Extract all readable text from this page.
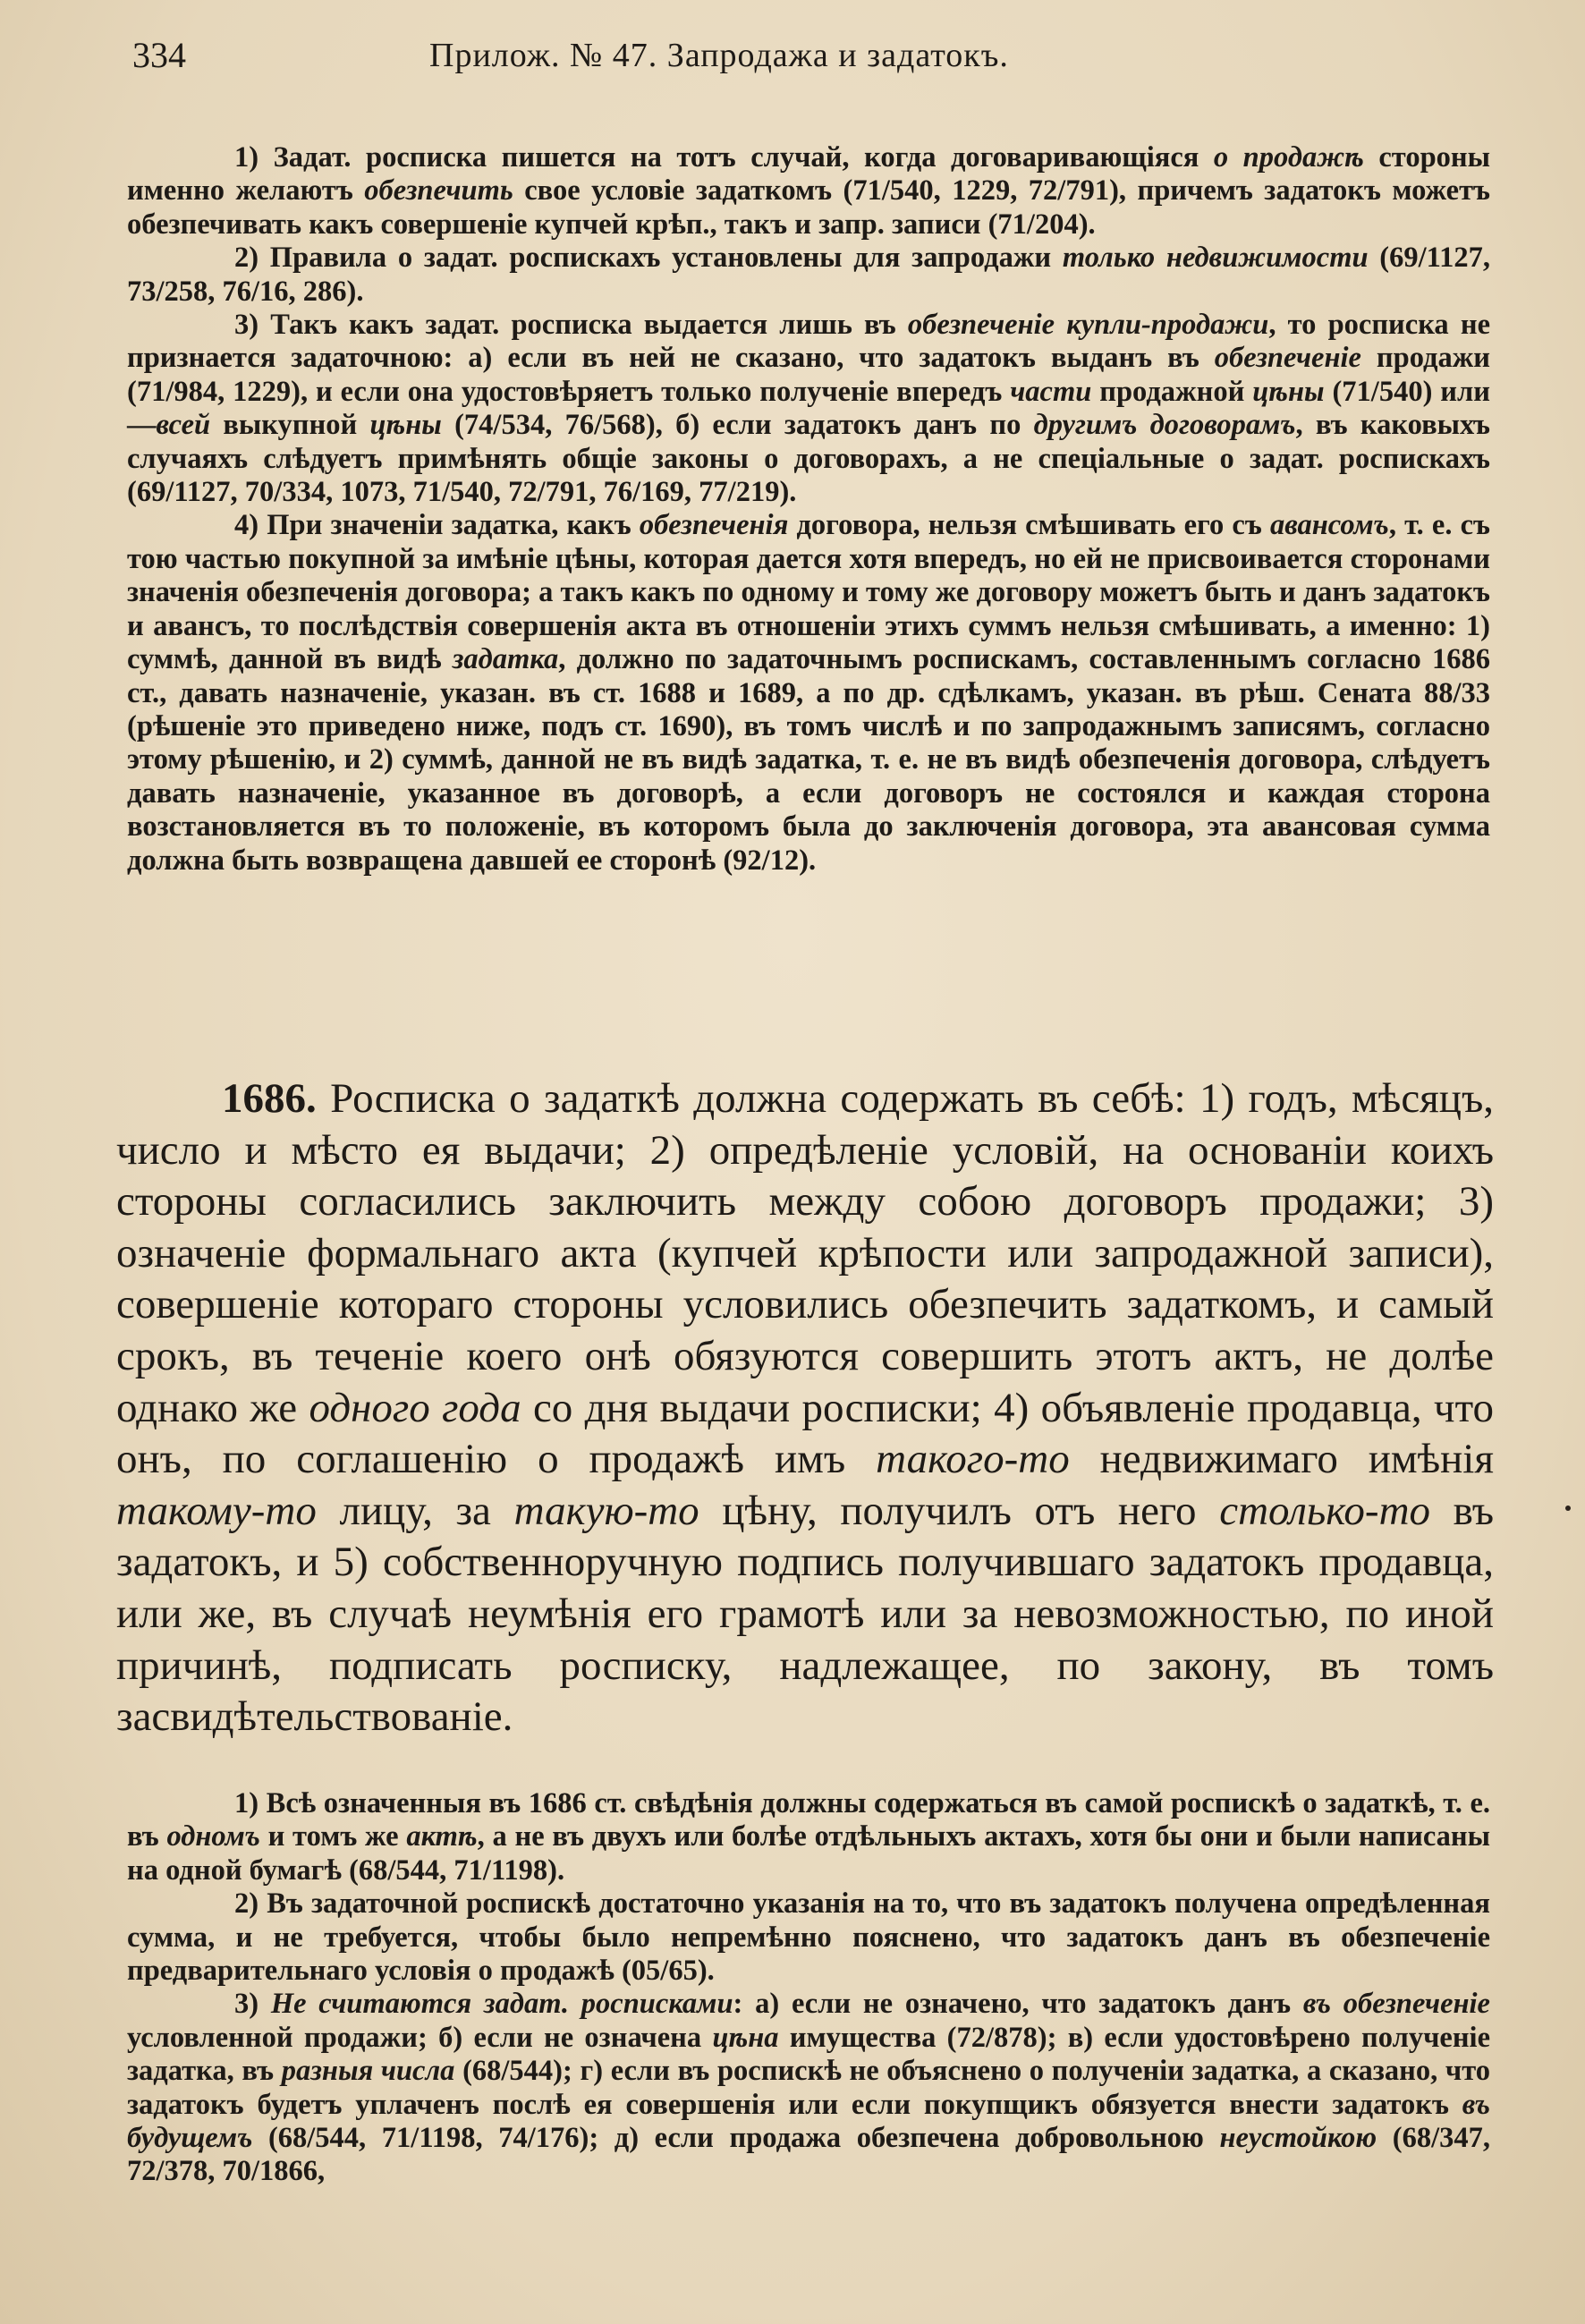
334	Прилож. № 47. Запродажа и задатокъ.

1) Задат. росписка пишется на тотъ случай, когда договаривающіяся о продажѣ стороны именно желаютъ обезпечить свое условіе задаткомъ (71/540, 1229, 72/791), причемъ задатокъ можетъ обезпечивать какъ совершеніе купчей крѣп., такъ и запр. записи (71/204).

2) Правила о задат. роспискахъ установлены для запродажи только недвижимости (69/1127, 73/258, 76/16, 286).

3) Такъ какъ задат. росписка выдается лишь въ обезпеченіе купли-продажи, то росписка не признается задаточною: а) если въ ней не сказано, что задатокъ выданъ въ обезпеченіе продажи (71/984, 1229), и если она удостовѣряетъ только полученіе впередъ части продажной цѣны (71/540) или—всей выкупной цѣны (74/534, 76/568), б) если задатокъ данъ по другимъ договорамъ, въ каковыхъ случаяхъ слѣдуетъ примѣнять общіе законы о договорахъ, а не спеціальные о задат. роспискахъ (69/1127, 70/334, 1073, 71/540, 72/791, 76/169, 77/219).

4) При значеніи задатка, какъ обезпеченія договора, нельзя смѣшивать его съ авансомъ, т. е. съ тою частью покупной за имѣніе цѣны, которая дается хотя впередъ, но ей не присвоивается сторонами значенія обезпеченія договора; а такъ какъ по одному и тому же договору можетъ быть и данъ задатокъ и авансъ, то послѣдствія совершенія акта въ отношеніи этихъ суммъ нельзя смѣшивать, а именно: 1) суммѣ, данной въ видѣ задатка, должно по задаточнымъ роспискамъ, составленнымъ согласно 1686 ст., давать назначеніе, указан. въ ст. 1688 и 1689, а по др. сдѣлкамъ, указан. въ рѣш. Сената 88/33 (рѣшеніе это приведено ниже, подъ ст. 1690), въ томъ числѣ и по запродажнымъ записямъ, согласно этому рѣшенію, и 2) суммѣ, данной не въ видѣ задатка, т. е. не въ видѣ обезпеченія договора, слѣдуетъ давать назначеніе, указанное въ договорѣ, а если договоръ не состоялся и каждая сторона возстановляется въ то положеніе, въ которомъ была до заключенія договора, эта авансовая сумма должна быть возвращена давшей ее сторонѣ (92/12).

1686. Росписка о задаткѣ должна содержать въ себѣ: 1) годъ, мѣсяцъ, число и мѣсто ея выдачи; 2) опредѣленіе условій, на основаніи коихъ стороны согласились заключить между собою договоръ продажи; 3) означеніе формальнаго акта (купчей крѣпости или запродажной записи), совершеніе котораго стороны условились обезпечить задаткомъ, и самый срокъ, въ теченіе коего онѣ обязуются совершить этотъ актъ, не долѣе однако же одного года со дня выдачи росписки; 4) объявленіе продавца, что онъ, по соглашенію о продажѣ имъ такого-то недвижимаго имѣнія такому-то лицу, за такую-то цѣну, получилъ отъ него столько-то въ задатокъ, и 5) собственноручную подпись получившаго задатокъ продавца, или же, въ случаѣ неумѣнія его грамотѣ или за невозможностью, по иной причинѣ, подписать росписку, надлежащее, по закону, въ томъ засвидѣтельствованіе.

1) Всѣ означенныя въ 1686 ст. свѣдѣнія должны содержаться въ самой роспискѣ о задаткѣ, т. е. въ одномъ и томъ же актѣ, а не въ двухъ или болѣе отдѣльныхъ актахъ, хотя бы они и были написаны на одной бумагѣ (68/544, 71/1198).

2) Въ задаточной роспискѣ достаточно указанія на то, что въ задатокъ получена опредѣленная сумма, и не требуется, чтобы было непремѣнно пояснено, что задатокъ данъ въ обезпеченіе предварительнаго условія о продажѣ (05/65).

3) Не считаются задат. росписками: а) если не означено, что задатокъ данъ въ обезпеченіе условленной продажи; б) если не означена цѣна имущества (72/878); в) если удостовѣрено полученіе задатка, въ разныя числа (68/544); г) если въ роспискѣ не объяснено о полученіи задатка, а сказано, что задатокъ будетъ уплаченъ послѣ ея совершенія или если покупщикъ обязуется внести задатокъ въ будущемъ (68/544, 71/1198, 74/176); д) если продажа обезпечена добровольною неустойкою (68/347, 72/378, 70/1866,
